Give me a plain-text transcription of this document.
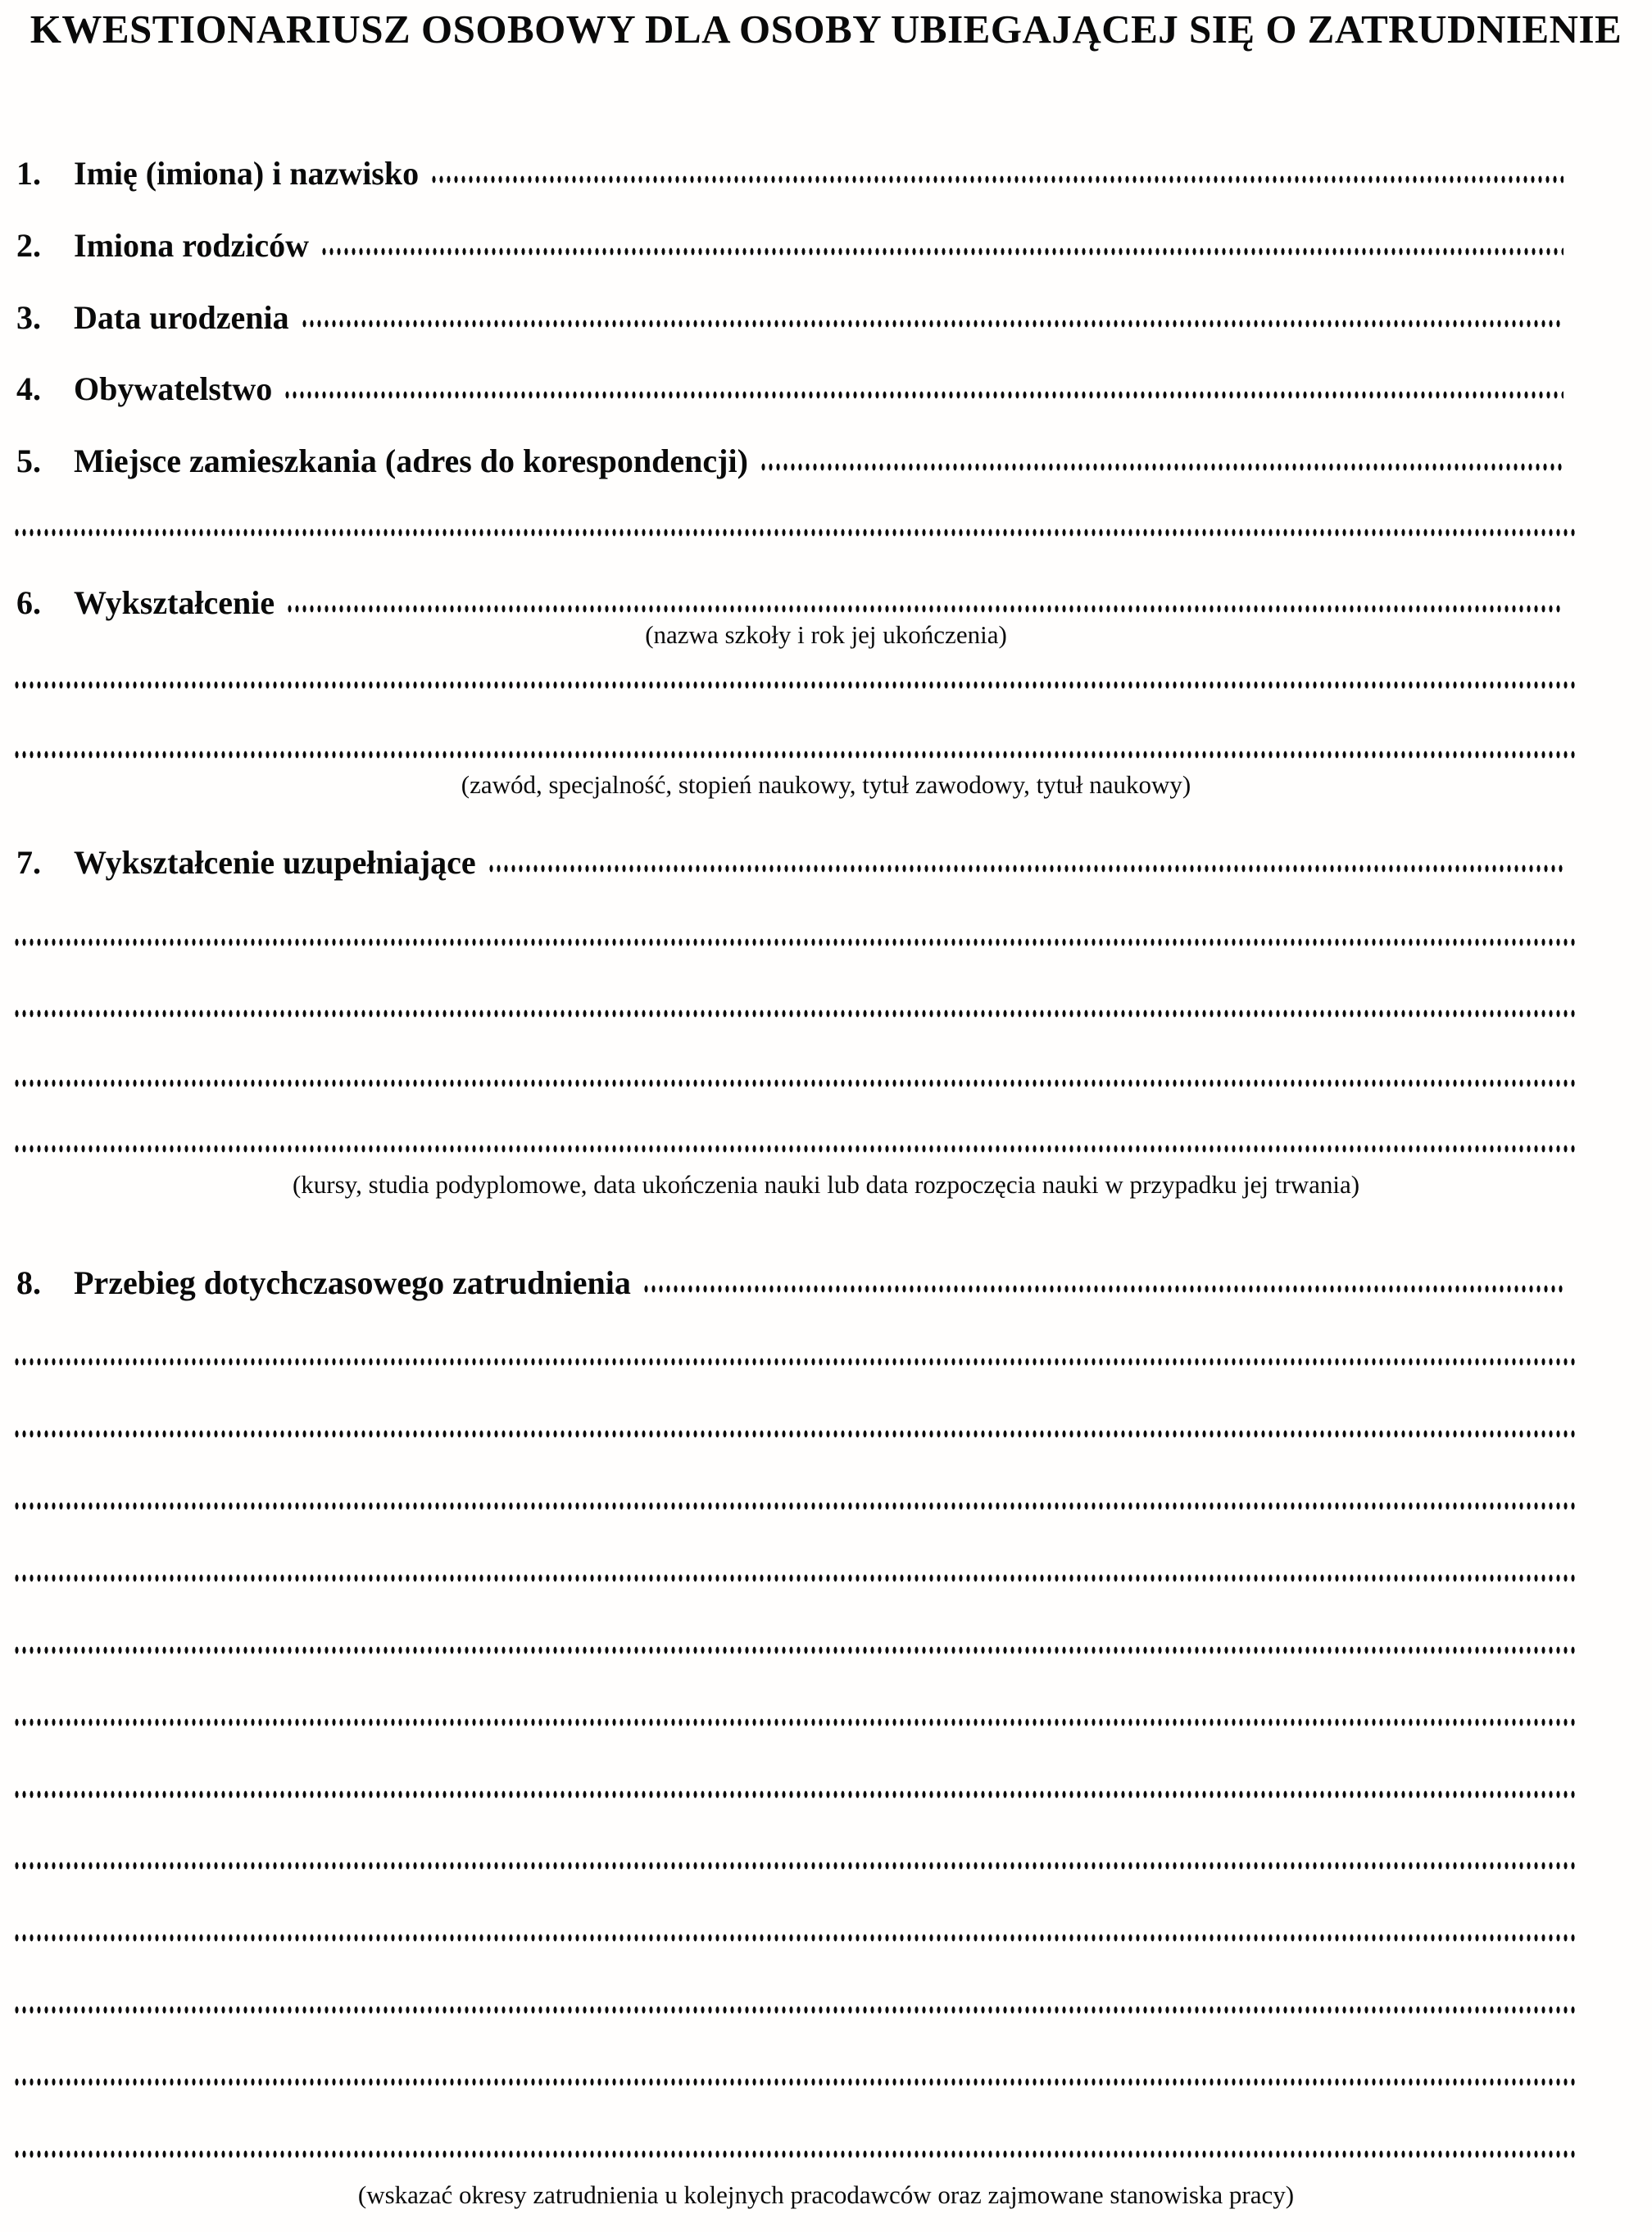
KWESTIONARIUSZ OSOBOWY DLA OSOBY UBIEGAJĄCEJ SIĘ O ZATRUDNIENIE
1.	Imię (imiona) i nazwisko
2.	Imiona rodziców
3.	Data urodzenia
4.	Obywatelstwo
5.	Miejsce zamieszkania (adres do korespondencji)
6.	Wykształcenie
(nazwa szkoły i rok jej ukończenia)
(zawód, specjalność, stopień naukowy, tytuł zawodowy, tytuł naukowy)
7.	Wykształcenie uzupełniające
(kursy, studia podyplomowe, data ukończenia nauki lub data rozpoczęcia nauki w przypadku jej trwania)
8.	Przebieg dotychczasowego zatrudnienia
(wskazać okresy zatrudnienia u kolejnych pracodawców oraz zajmowane stanowiska pracy)
